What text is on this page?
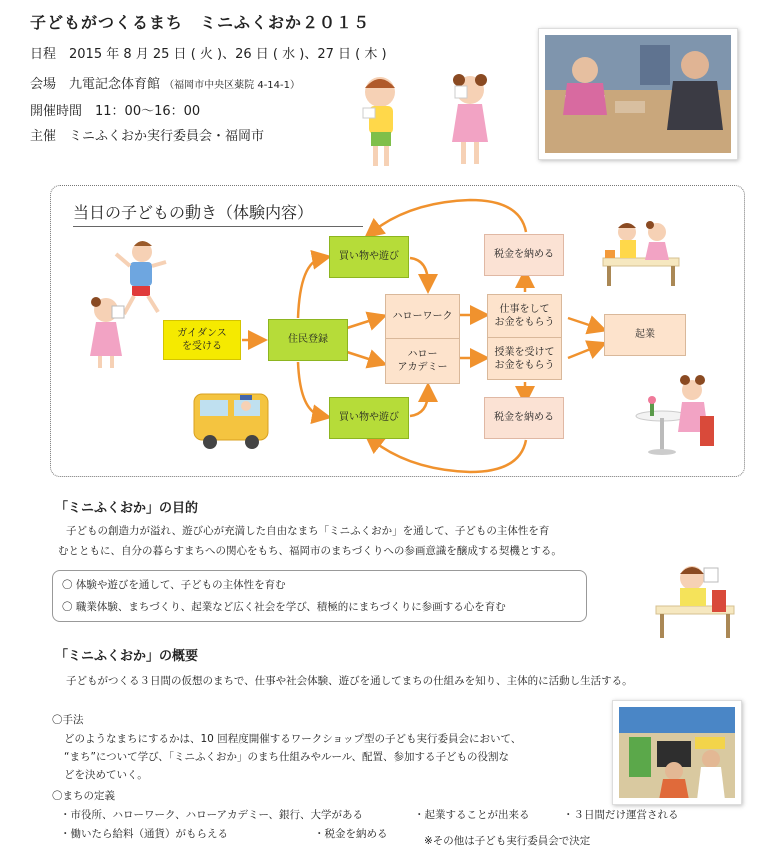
子どもがつくるまち　ミニふくおか２０１５
日程　2015 年 8 月 25 日 ( 火 )、26 日 ( 水 )、27 日 ( 木 )
会場　九電記念体育館 （福岡市中央区薬院 4-14-1）
開催時間　11：00〜16：00
主催　ミニふくおか実行委員会・福岡市
当日の子どもの動き（体験内容）
ガイダンス
を受ける
住民登録
買い物や遊び
買い物や遊び
ハローワーク
ハロー
アカデミー
仕事をして
お金をもらう
授業を受けて
お金をもらう
税金を納める
税金を納める
起業
「ミニふくおか」の目的
子どもの創造力が溢れ、遊び心が充満した自由なまち「ミニふくおか」を通して、子どもの主体性を育
むとともに、自分の暮らすまちへの関心をもち、福岡市のまちづくりへの参画意識を醸成する契機とする。
〇 体験や遊びを通して、子どもの主体性を育む
〇 職業体験、まちづくり、起業など広く社会を学び、積極的にまちづくりに参画する心を育む
「ミニふくおか」の概要
子どもがつくる３日間の仮想のまちで、仕事や社会体験、遊びを通してまちの仕組みを知り、主体的に活動し生活する。
〇手法
どのようなまちにするかは、10 回程度開催するワークショップ型の子ども実行委員会において、
“まち”について学び、「ミニふくおか」のまち仕組みやルール、配置、参加する子どもの役割な
どを決めていく。
〇まちの定義
・市役所、ハローワーク、ハローアカデミー、銀行、大学がある	・起業することが出来る	・３日間だけ運営される
・働いたら給料（通貨）がもらえる	・税金を納める
※その他は子ども実行委員会で決定
